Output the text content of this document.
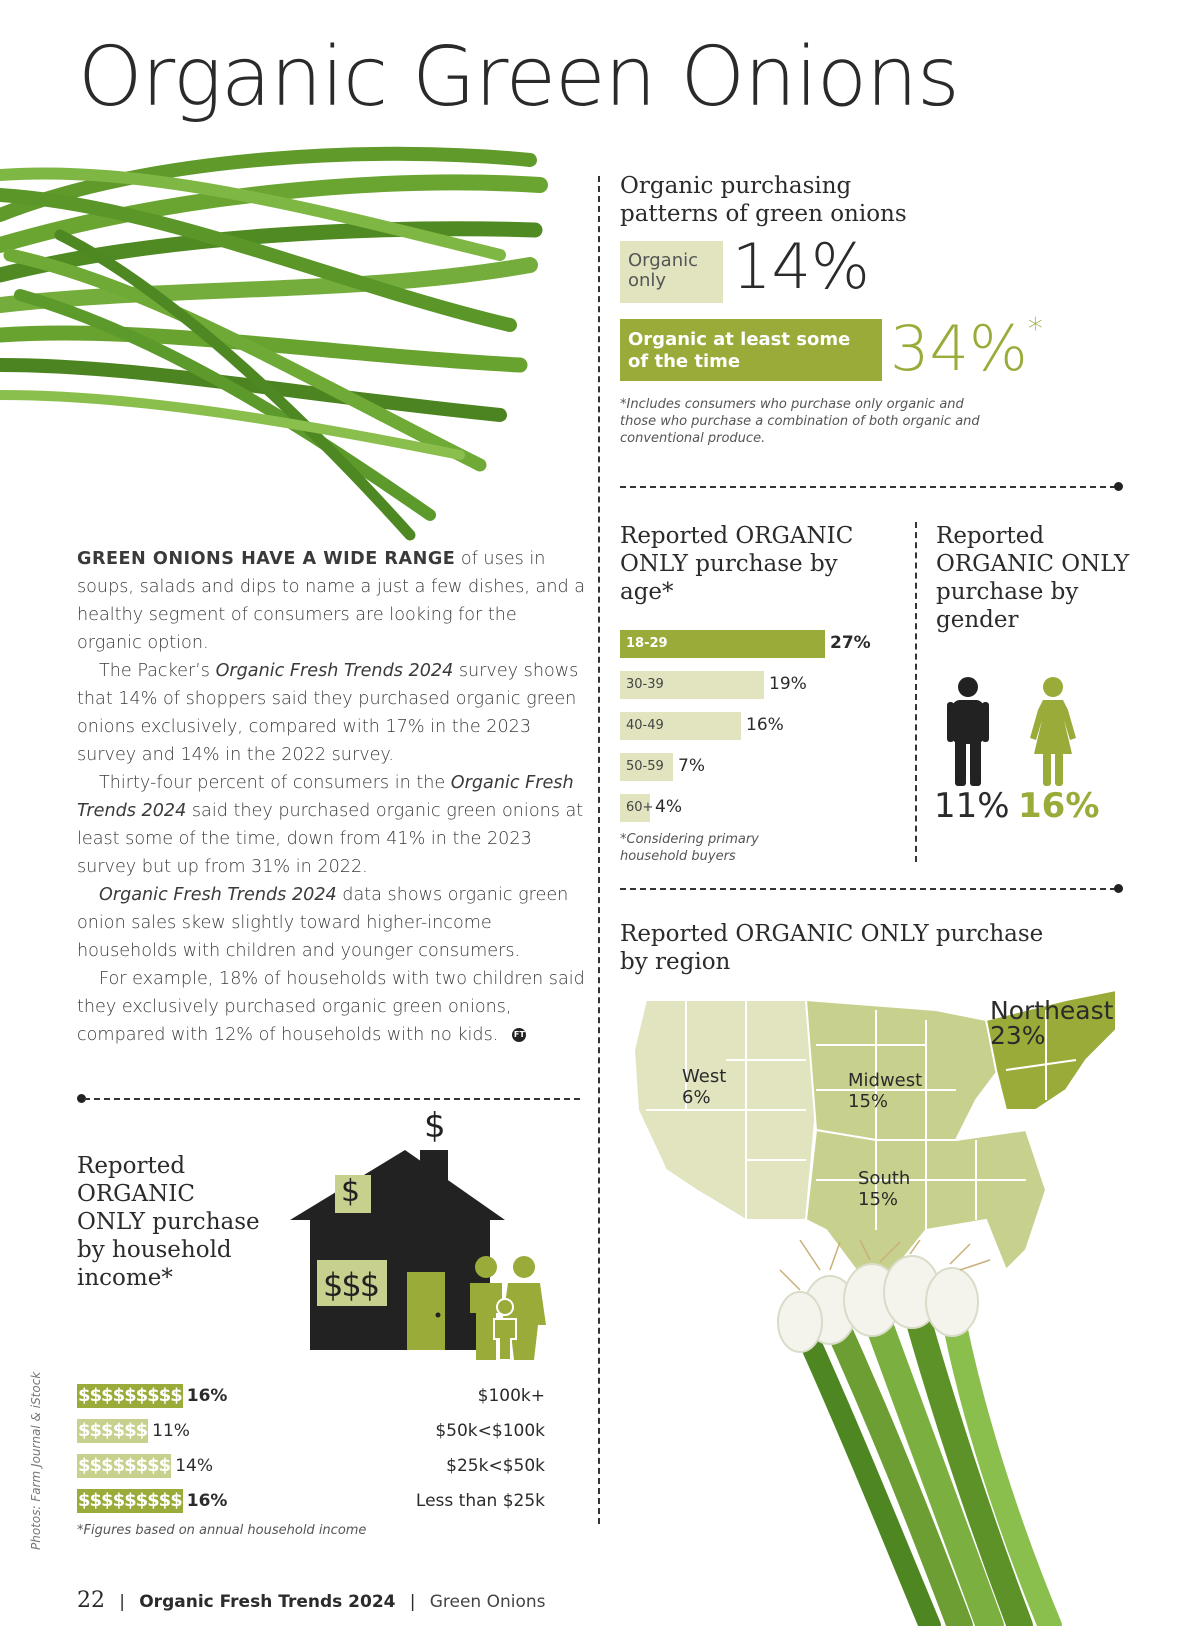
Organic Green Onions
Organic purchasing
patterns of green onions
Organic
only	14%
Organic at least some
of the time	34%*
*Includes consumers who purchase only organic and
those who purchase a combination of both organic and
conventional produce.
Reported ORGANIC
ONLY purchase by
age*
18-29	27%
30-39	19%
40-49	16%
50-59 7%
60+ 4%
*Considering primary
household buyers
Reported
ORGANIC ONLY
purchase by
gender
11% 16%
Reported ORGANIC ONLY purchase
by region
Northeast
23%
West
6%
Midwest
15%
South
15%

GREEN ONIONS HAVE A WIDE RANGE of uses in soups, salads and dips to name a just a few dishes, and a healthy segment of consumers are looking for the organic option.

The Packer’s Organic Fresh Trends 2024 survey shows that 14% of shoppers said they purchased organic green onions exclusively, compared with 17% in the 2023 survey and 14% in the 2022 survey.

Thirty-four percent of consumers in the Organic Fresh Trends 2024 said they purchased organic green onions at least some of the time, down from 41% in the 2023 survey but up from 31% in 2022.

Organic Fresh Trends 2024 data shows organic green onion sales skew slightly toward higher-income households with children and younger consumers.

For example, 18% of households with two children said they exclusively purchased organic green onions, compared with 12% of households with no kids. FT

Reported
ORGANIC
ONLY purchase
by household
income*
$
$
$$$
$$$$$$$$$ 16%	$100k+
$$$$$$ 11%	$50k<$100k
$$$$$$$$ 14%	$25k<$50k
$$$$$$$$$ 16%	Less than $25k
*Figures based on annual household income
Photos: Farm Journal & iStock
22 | Organic Fresh Trends 2024 | Green Onions
